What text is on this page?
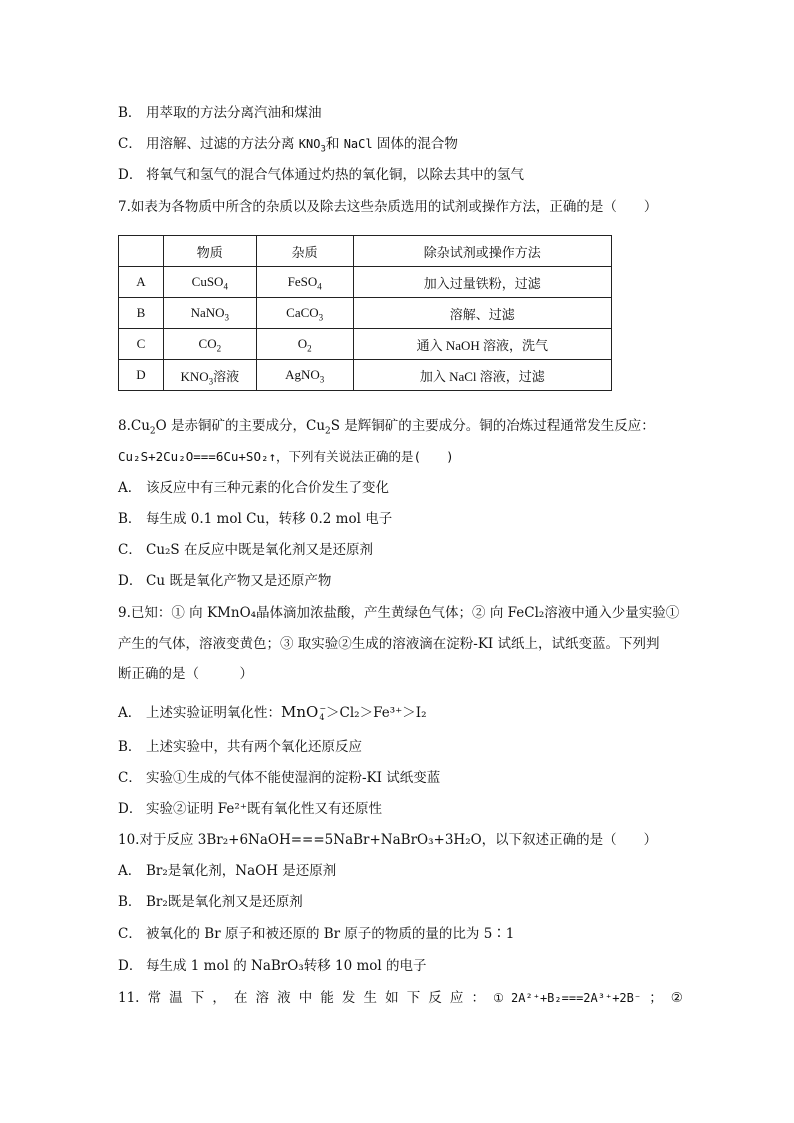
B． 用萃取的方法分离汽油和煤油
C． 用溶解、过滤的方法分离 $KNO_3$和 NaCl 固体的混合物
D． 将氧气和氢气的混合气体通过灼热的氧化铜，以除去其中的氢气
7.如表为各物质中所含的杂质以及除去这些杂质选用的试剂或操作方法，正确的是（　　）
	物质	杂质	除杂试剂或操作方法
A	CuSO$_4$	FeSO$_4$	加入过量铁粉，过滤
B	NaNO$_3$	CaCO$_3$	溶解、过滤
C	$CO_2$	$O_2$	通入 NaOH 溶液，洗气
D	$KNO_3$溶液	AgNO$_3$	加入 NaCl 溶液，过滤
$8.Cu_2O$ 是赤铜矿的主要成分，$Cu_2S$ 是辉铜矿的主要成分。铜的冶炼过程通常发生反应：
Cu₂S+2Cu₂O===6Cu+SO₂↑，下列有关说法正确的是(　　)
A． 该反应中有三种元素的化合价发生了变化
B． 每生成 0.1 mol Cu，转移 0.2 mol 电子
C． Cu₂S 在反应中既是氧化剂又是还原剂
D． Cu 既是氧化产物又是还原产物
9.已知：① 向 KMnO₄晶体滴加浓盐酸，产生黄绿色气体；② 向 FeCl₂溶液中通入少量实验①
产生的气体，溶液变黄色；③ 取实验②生成的溶液滴在淀粉-KI 试纸上，试纸变蓝。下列判
断正确的是（　　　）
A． 上述实验证明氧化性：MnO −
4 ＞Cl₂＞Fe³⁺＞I₂
B． 上述实验中，共有两个氧化还原反应
C． 实验①生成的气体不能使湿润的淀粉-KI 试纸变蓝
D． 实验②证明 Fe²⁺既有氧化性又有还原性
10.对于反应 3Br₂+6NaOH===5NaBr+NaBrO₃+3H₂O，以下叙述正确的是（　　）
A． Br₂是氧化剂，NaOH 是还原剂
B． Br₂既是氧化剂又是还原剂
C． 被氧化的 Br 原子和被还原的 Br 原子的物质的量的比为 5∶1
D． 每生成 1 mol 的 NaBrO₃转移 10 mol 的电子
11. 常 温 下 ， 在 溶 液 中 能 发 生 如 下 反 应 ： ① 2A²⁺+B₂===2A³⁺+2B⁻ ； ②
